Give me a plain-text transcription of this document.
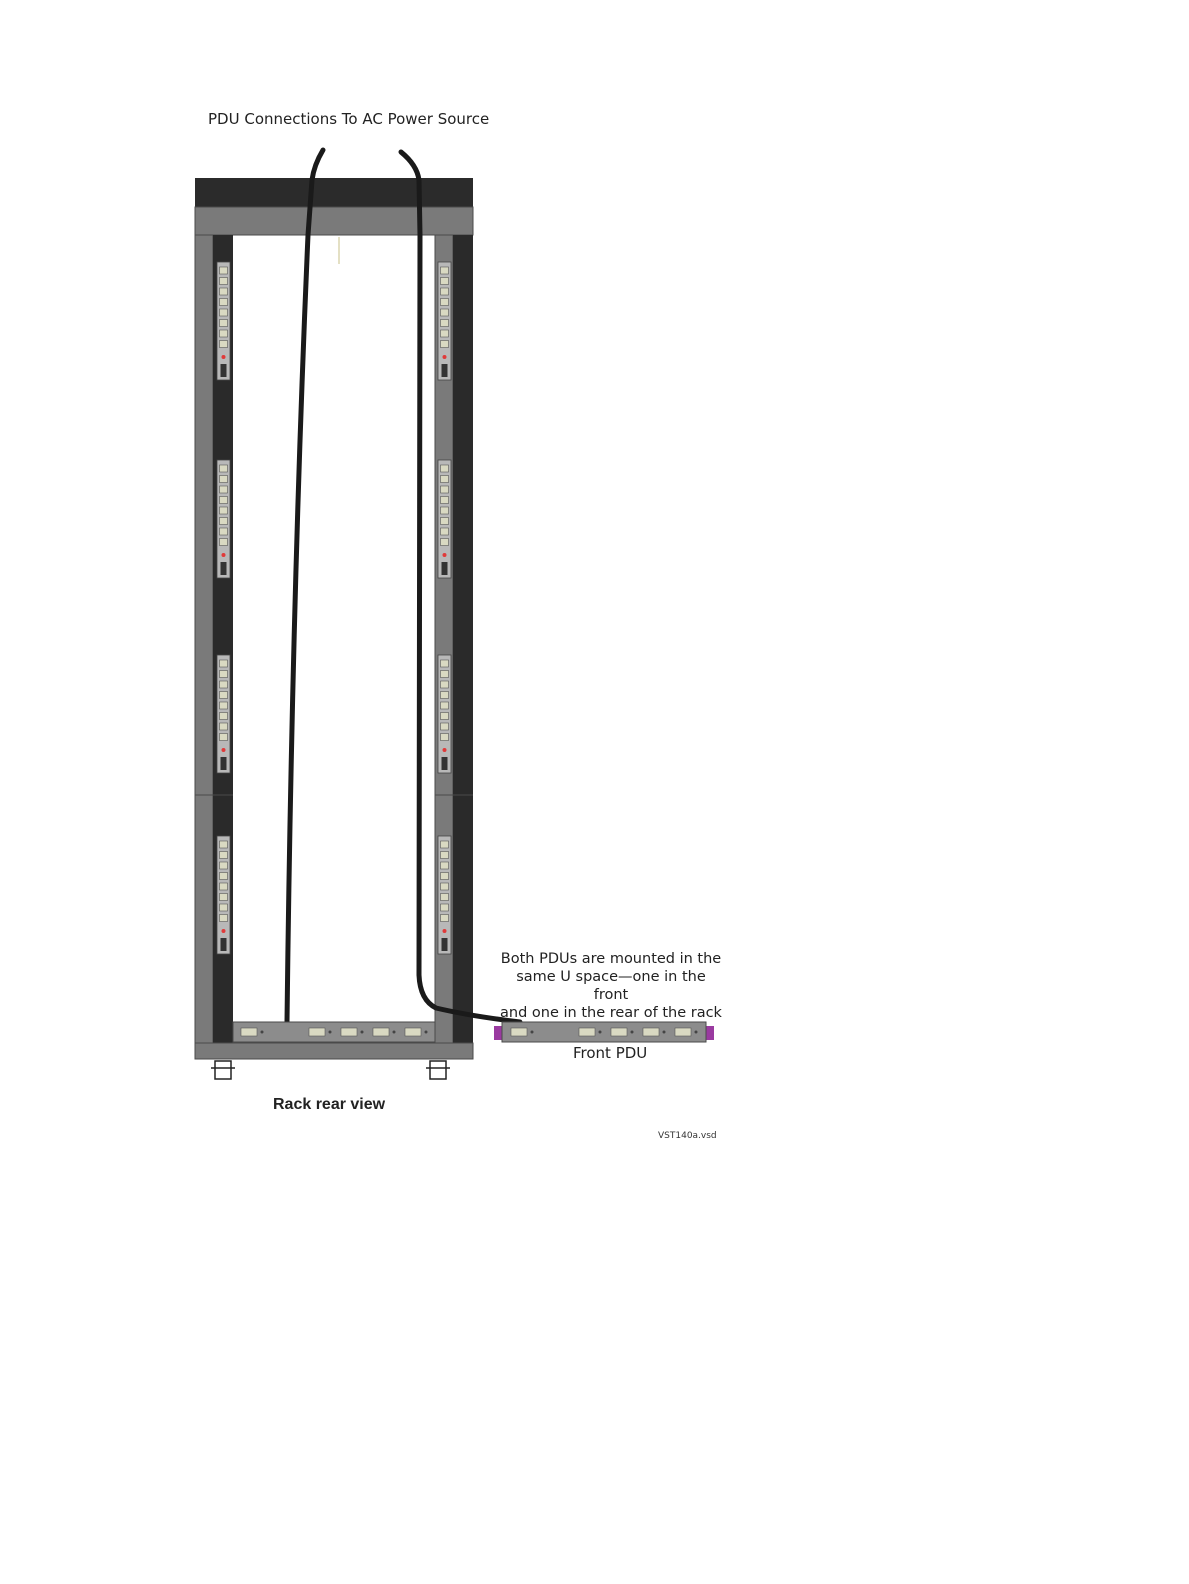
PDU Connections To AC Power Source
Both PDUs are mounted in the
same U space—one in the front
and one in the rear of the rack
Front PDU
Rack rear view
VST140a.vsd
